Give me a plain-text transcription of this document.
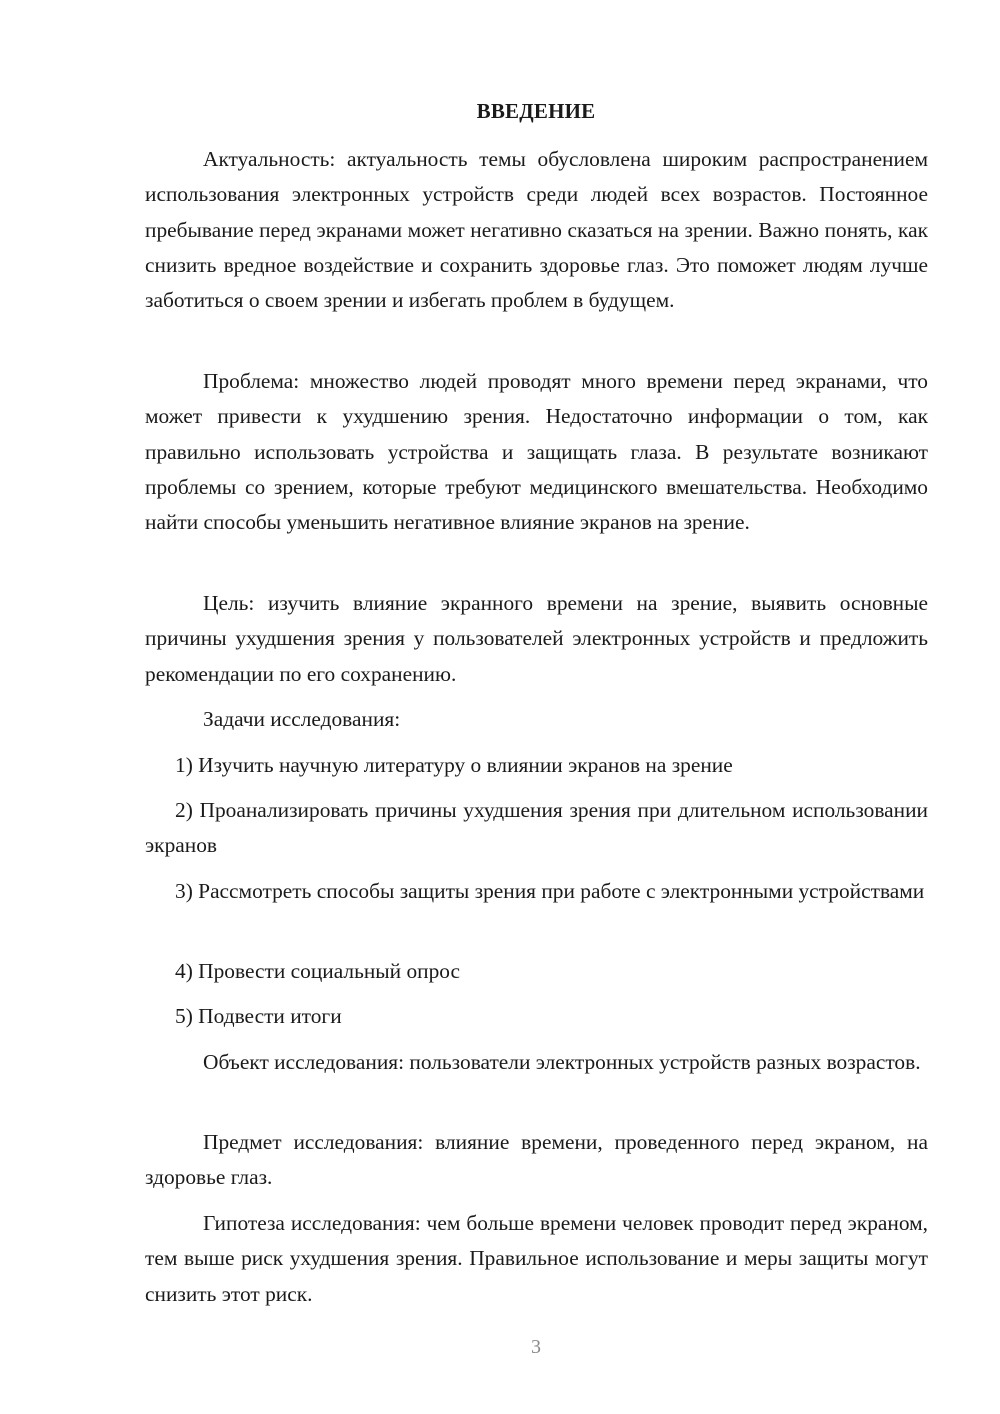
ВВЕДЕНИЕ

Актуальность: актуальность темы обусловлена широким распространением использования электронных устройств среди людей всех возрастов. Постоянное пребывание перед экранами может негативно сказаться на зрении. Важно понять, как снизить вредное воздействие и сохранить здоровье глаз. Это поможет людям лучше заботиться о своем зрении и избегать проблем в будущем.

Проблема: множество людей проводят много времени перед экранами, что может привести к ухудшению зрения. Недостаточно информации о том, как правильно использовать устройства и защищать глаза. В результате возникают проблемы со зрением, которые требуют медицинского вмешательства. Необходимо найти способы уменьшить негативное влияние экранов на зрение.

Цель: изучить влияние экранного времени на зрение, выявить основные причины ухудшения зрения у пользователей электронных устройств и предложить рекомендации по его сохранению.

Задачи исследования:

1) Изучить научную литературу о влиянии экранов на зрение

2) Проанализировать причины ухудшения зрения при длительном использовании экранов

3) Рассмотреть способы защиты зрения при работе с электронными устройствами

4) Провести социальный опрос

5) Подвести итоги

Объект исследования: пользователи электронных устройств разных возрастов.

Предмет исследования: влияние времени, проведенного перед экраном, на здоровье глаз.

Гипотеза исследования: чем больше времени человек проводит перед экраном, тем выше риск ухудшения зрения. Правильное использование и меры защиты могут снизить этот риск.

3
